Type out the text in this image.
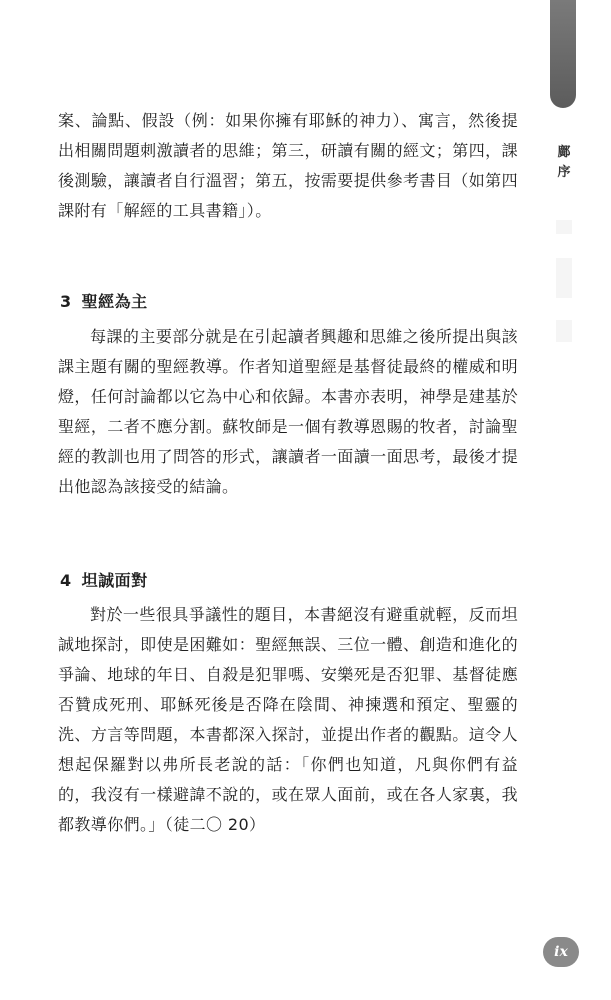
鄺
序

案、論點、假設（例：如果你擁有耶穌的神力）、寓言，然後提出相關問題刺激讀者的思維；第三，研讀有關的經文；第四，課後測驗，讓讀者自行溫習；第五，按需要提供參考書目（如第四課附有「解經的工具書籍」）。

3 聖經為主

每課的主要部分就是在引起讀者興趣和思維之後所提出與該課主題有關的聖經教導。作者知道聖經是基督徒最終的權威和明燈，任何討論都以它為中心和依歸。本書亦表明，神學是建基於聖經，二者不應分割。蘇牧師是一個有教導恩賜的牧者，討論聖經的教訓也用了問答的形式，讓讀者一面讀一面思考，最後才提出他認為該接受的結論。

4 坦誠面對

對於一些很具爭議性的題目，本書絕沒有避重就輕，反而坦誠地探討，即使是困難如：聖經無誤、三位一體、創造和進化的爭論、地球的年日、自殺是犯罪嗎、安樂死是否犯罪、基督徒應否贊成死刑、耶穌死後是否降在陰間、神揀選和預定、聖靈的洗、方言等問題，本書都深入探討，並提出作者的觀點。這令人想起保羅對以弗所長老說的話：「你們也知道，凡與你們有益的，我沒有一樣避諱不說的，或在眾人面前，或在各人家裏，我都教導你們。」（徒二〇 20）

ix
